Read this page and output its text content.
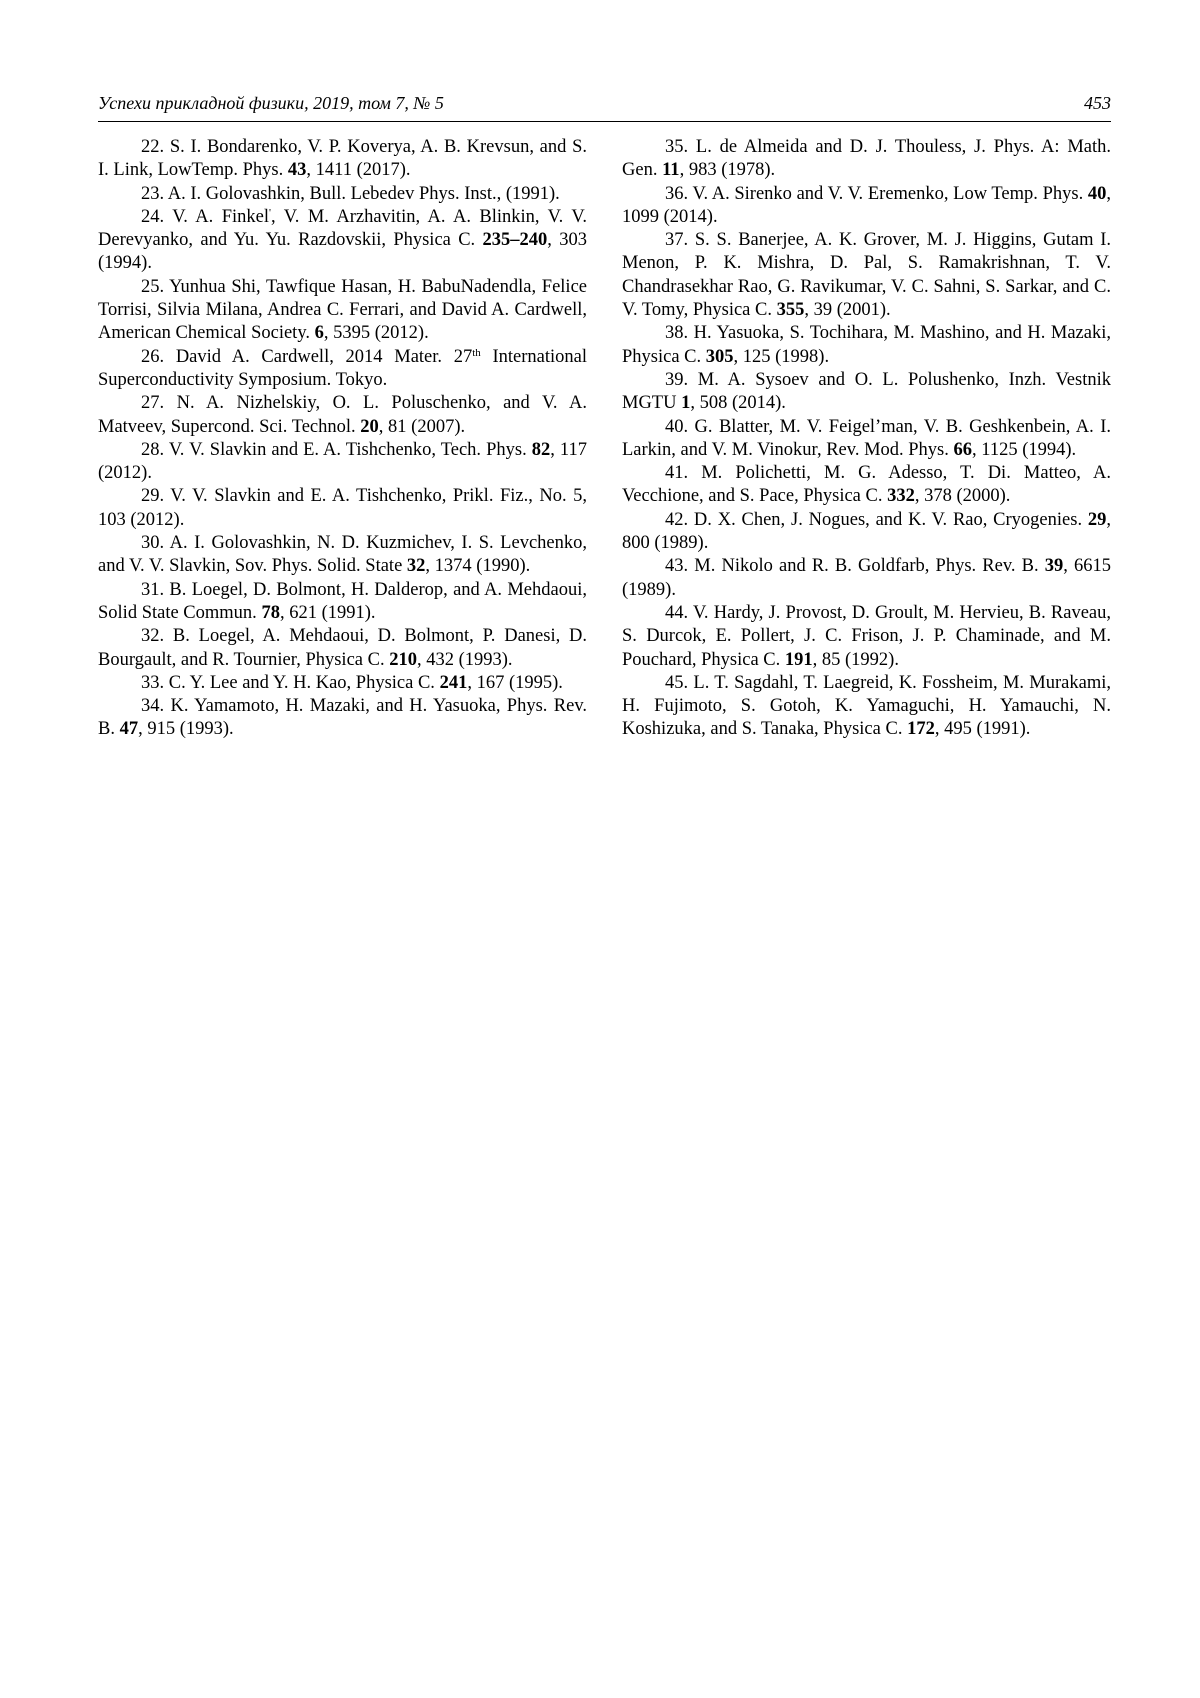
Успехи прикладной физики, 2019, том 7, № 5	453

22. S. I. Bondarenko, V. P. Koverya, A. B. Krevsun, and S. I. Link, LowTemp. Phys. 43, 1411 (2017).

23. A. I. Golovashkin, Bull. Lebedev Phys. Inst., (1991).

24. V. A. Finkel', V. M. Arzhavitin, A. A. Blinkin, V. V. Derevyanko, and Yu. Yu. Razdovskii, Physica C. 235–240, 303 (1994).

25. Yunhua Shi, Tawfique Hasan, H. BabuNadendla, Felice Torrisi, Silvia Milana, Andrea C. Ferrari, and David A. Cardwell, American Chemical Society. 6, 5395 (2012).

26. David A. Cardwell, 2014 Mater. 27th International Superconductivity Symposium. Tokyo.

27. N. A. Nizhelskiy, O. L. Poluschenko, and V. A. Matveev, Supercond. Sci. Technol. 20, 81 (2007).

28. V. V. Slavkin and E. A. Tishchenko, Tech. Phys. 82, 117 (2012).

29. V. V. Slavkin and E. A. Tishchenko, Prikl. Fiz., No. 5, 103 (2012).

30. A. I. Golovashkin, N. D. Kuzmichev, I. S. Levchenko, and V. V. Slavkin, Sov. Phys. Solid. State 32, 1374 (1990).

31. B. Loegel, D. Bolmont, H. Dalderop, and A. Mehdaoui, Solid State Commun. 78, 621 (1991).

32. B. Loegel, A. Mehdaoui, D. Bolmont, P. Danesi, D. Bourgault, and R. Tournier, Physica C. 210, 432 (1993).

33. C. Y. Lee and Y. H. Kao, Physica C. 241, 167 (1995).

34. K. Yamamoto, H. Mazaki, and H. Yasuoka, Phys. Rev. B. 47, 915 (1993).

35. L. de Almeida and D. J. Thouless, J. Phys. A: Math. Gen. 11, 983 (1978).

36. V. A. Sirenko and V. V. Eremenko, Low Temp. Phys. 40, 1099 (2014).

37. S. S. Banerjee, A. K. Grover, M. J. Higgins, Gutam I. Menon, P. K. Mishra, D. Pal, S. Ramakrishnan, T. V. Chandrasekhar Rao, G. Ravikumar, V. C. Sahni, S. Sarkar, and C. V. Tomy, Physica C. 355, 39 (2001).

38. H. Yasuoka, S. Tochihara, M. Mashino, and H. Mazaki, Physica C. 305, 125 (1998).

39. M. A. Sysoev and O. L. Polushenko, Inzh. Vestnik MGTU 1, 508 (2014).

40. G. Blatter, M. V. Feigel’man, V. B. Geshkenbein, A. I. Larkin, and V. M. Vinokur, Rev. Mod. Phys. 66, 1125 (1994).

41. M. Polichetti, M. G. Adesso, T. Di. Matteo, A. Vecchione, and S. Pace, Physica C. 332, 378 (2000).

42. D. X. Chen, J. Nogues, and K. V. Rao, Cryogenies. 29, 800 (1989).

43. M. Nikolo and R. B. Goldfarb, Phys. Rev. B. 39, 6615 (1989).

44. V. Hardy, J. Provost, D. Groult, M. Hervieu, B. Raveau, S. Durcok, E. Pollert, J. C. Frison, J. P. Chaminade, and M. Pouchard, Physica C. 191, 85 (1992).

45. L. T. Sagdahl, T. Laegreid, K. Fossheim, M. Murakami, H. Fujimoto, S. Gotoh, K. Yamaguchi, H. Yamauchi, N. Koshizuka, and S. Tanaka, Physica C. 172, 495 (1991).
